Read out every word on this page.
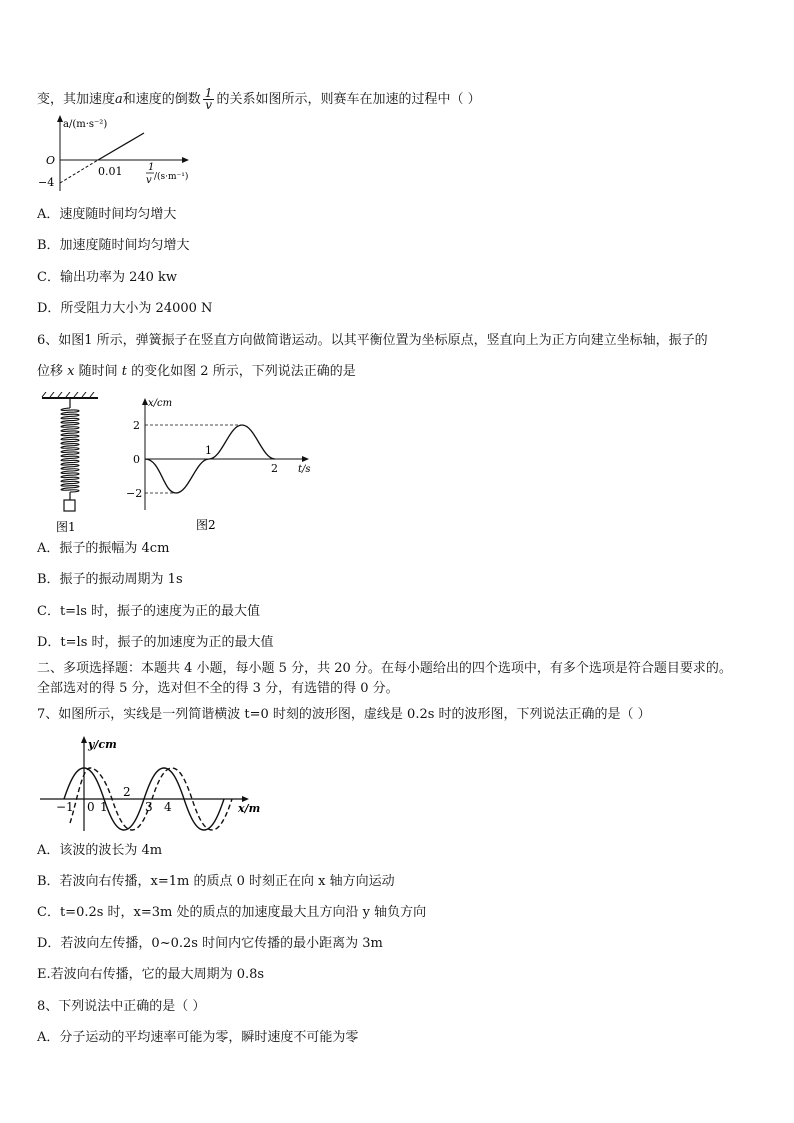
变，其加速度a和速度的倒数 $\frac{1}{v}$ 的关系如图所示，则赛车在加速的过程中（ ）
a/(m·s⁻²)
O
−4
0.01	1
v /(s·m⁻¹)
A．速度随时间均匀增大
B．加速度随时间均匀增大
C．输出功率为 240 kw
D．所受阻力大小为 24000 N
6、如图1 所示，弹簧振子在竖直方向做简谐运动。以其平衡位置为坐标原点，竖直向上为正方向建立坐标轴，振子的
位移 x 随时间 t 的变化如图 2 所示，下列说法正确的是
图1
x/cm
2
0
−2
1
2 t/s
图2
A．振子的振幅为 4cm
B．振子的振动周期为 1s
C．t=ls 时，振子的速度为正的最大值
D．t=ls 时，振子的加速度为正的最大值
二、多项选择题：本题共 4 小题，每小题 5 分，共 20 分。在每小题给出的四个选项中，有多个选项是符合题目要求的。
全部选对的得 5 分，选对但不全的得 3 分，有选错的得 0 分。
7、如图所示，实线是一列简谐横波 t=0 时刻的波形图，虚线是 0.2s 时的波形图，下列说法正确的是（ ）
−1 0 1
2
3 4
y/cm
x/m
A．该波的波长为 4m
B．若波向右传播，x=1m 的质点 0 时刻正在向 x 轴方向运动
C．t=0.2s 时，x=3m 处的质点的加速度最大且方向沿 y 轴负方向
D．若波向左传播，0~0.2s 时间内它传播的最小距离为 3m
E.若波向右传播，它的最大周期为 0.8s
8、下列说法中正确的是（ ）
A．分子运动的平均速率可能为零，瞬时速度不可能为零
